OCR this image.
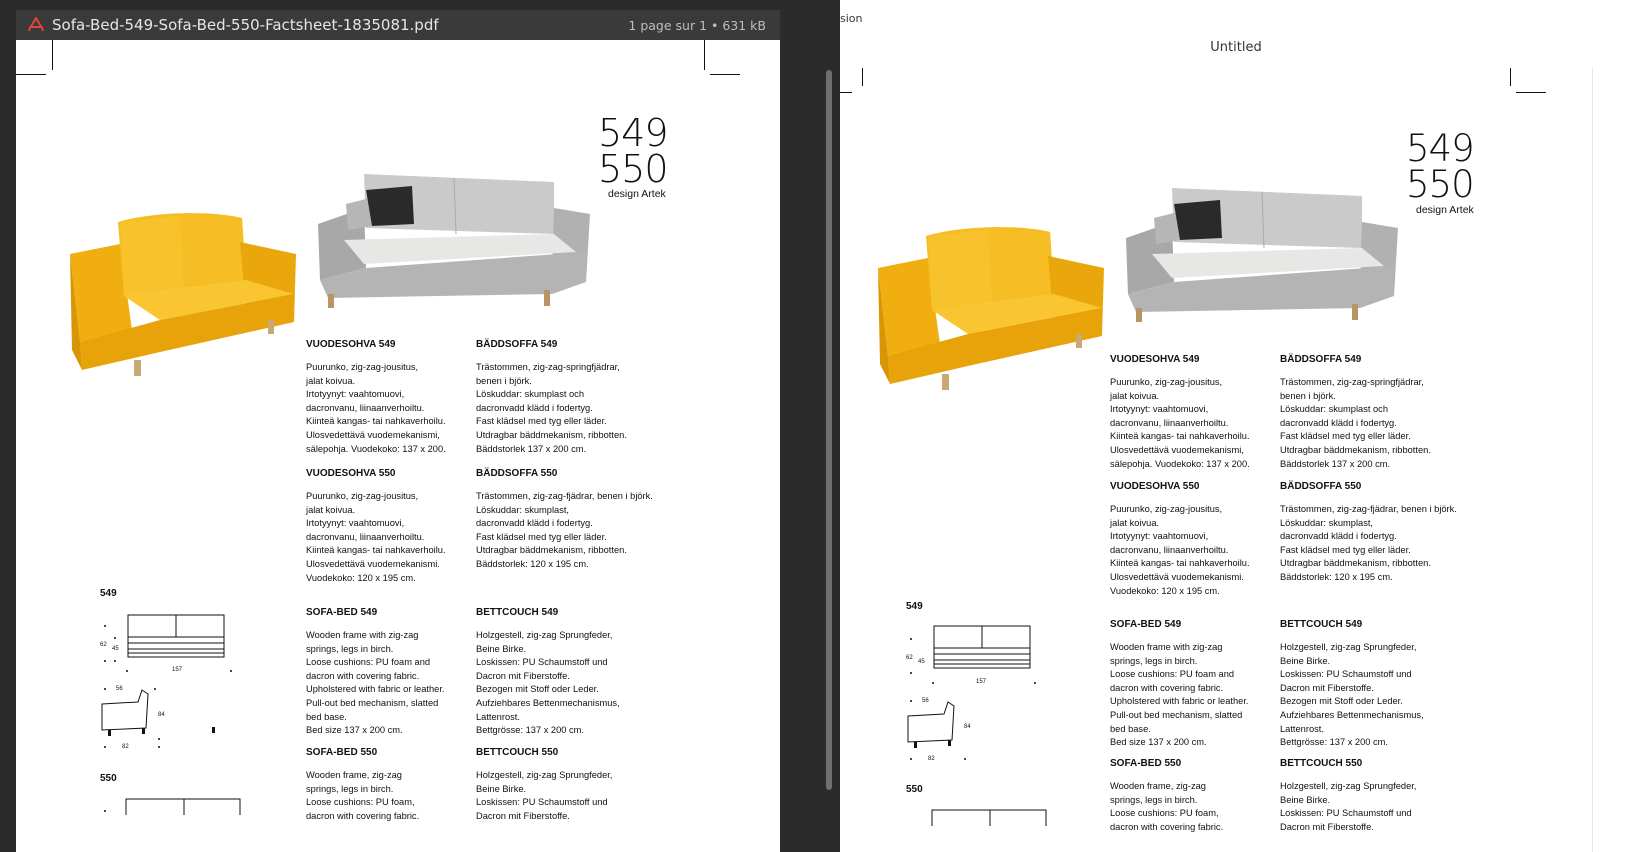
Sofa-Bed-549-Sofa-Bed-550-Factsheet-1835081.pdf	1 page sur 1 • 631 kB
549
550
design Artek
VUODESOHVA 549
Puurunko, zig-zag-jousitus,
jalat koivua.
Irtotyynyt: vaahtomuovi,
dacronvanu, liinaanverhoiltu.
Kiinteä kangas- tai nahkaverhoilu.
Ulosvedettävä vuodemekanismi,
sälepohja. Vuodekoko: 137 x 200.
BÄDDSOFFA 549
Trästommen, zig-zag-springfjädrar,
benen i björk.
Löskuddar: skumplast och
dacronvadd klädd i fodertyg.
Fast klädsel med tyg eller läder.
Utdragbar bäddmekanism, ribbotten.
Bäddstorlek 137 x 200 cm.
VUODESOHVA 550
Puurunko, zig-zag-jousitus,
jalat koivua.
Irtotyynyt: vaahtomuovi,
dacronvanu, liinaanverhoiltu.
Kiinteä kangas- tai nahkaverhoilu.
Ulosvedettävä vuodemekanismi.
Vuodekoko: 120 x 195 cm.
BÄDDSOFFA 550
Trästommen, zig-zag-fjädrar, benen i björk.
Löskuddar: skumplast,
dacronvadd klädd i fodertyg.
Fast klädsel med tyg eller läder.
Utdragbar bäddmekanism, ribbotten.
Bäddstorlek: 120 x 195 cm.
SOFA-BED 549
Wooden frame with zig-zag
springs, legs in birch.
Loose cushions: PU foam and
dacron with covering fabric.
Upholstered with fabric or leather.
Pull-out bed mechanism, slatted
bed base.
Bed size 137 x 200 cm.
BETTCOUCH 549
Holzgestell, zig-zag Sprungfeder,
Beine Birke.
Loskissen: PU Schaumstoff und
Dacron mit Fiberstoffe.
Bezogen mit Stoff oder Leder.
Aufziehbares Bettenmechanismus,
Lattenrost.
Bettgrösse: 137 x 200 cm.
SOFA-BED 550
Wooden frame, zig-zag
springs, legs in birch.
Loose cushions: PU foam,
dacron with covering fabric.
BETTCOUCH 550
Holzgestell, zig-zag Sprungfeder,
Beine Birke.
Loskissen: PU Schaumstoff und
Dacron mit Fiberstoffe.
549
62
45
157
56
84
82
550
sion
Untitled
549
550
design Artek
VUODESOHVA 549
Puurunko, zig-zag-jousitus,
jalat koivua.
Irtotyynyt: vaahtomuovi,
dacronvanu, liinaanverhoiltu.
Kiinteä kangas- tai nahkaverhoilu.
Ulosvedettävä vuodemekanismi,
sälepohja. Vuodekoko: 137 x 200.
BÄDDSOFFA 549
Trästommen, zig-zag-springfjädrar,
benen i björk.
Löskuddar: skumplast och
dacronvadd klädd i fodertyg.
Fast klädsel med tyg eller läder.
Utdragbar bäddmekanism, ribbotten.
Bäddstorlek 137 x 200 cm.
VUODESOHVA 550
Puurunko, zig-zag-jousitus,
jalat koivua.
Irtotyynyt: vaahtomuovi,
dacronvanu, liinaanverhoiltu.
Kiinteä kangas- tai nahkaverhoilu.
Ulosvedettävä vuodemekanismi.
Vuodekoko: 120 x 195 cm.
BÄDDSOFFA 550
Trästommen, zig-zag-fjädrar, benen i björk.
Löskuddar: skumplast,
dacronvadd klädd i fodertyg.
Fast klädsel med tyg eller läder.
Utdragbar bäddmekanism, ribbotten.
Bäddstorlek: 120 x 195 cm.
SOFA-BED 549
Wooden frame with zig-zag
springs, legs in birch.
Loose cushions: PU foam and
dacron with covering fabric.
Upholstered with fabric or leather.
Pull-out bed mechanism, slatted
bed base.
Bed size 137 x 200 cm.
BETTCOUCH 549
Holzgestell, zig-zag Sprungfeder,
Beine Birke.
Loskissen: PU Schaumstoff und
Dacron mit Fiberstoffe.
Bezogen mit Stoff oder Leder.
Aufziehbares Bettenmechanismus,
Lattenrost.
Bettgrösse: 137 x 200 cm.
SOFA-BED 550
Wooden frame, zig-zag
springs, legs in birch.
Loose cushions: PU foam,
dacron with covering fabric.
BETTCOUCH 550
Holzgestell, zig-zag Sprungfeder,
Beine Birke.
Loskissen: PU Schaumstoff und
Dacron mit Fiberstoffe.
549
62
45
157
56
84
82
550
